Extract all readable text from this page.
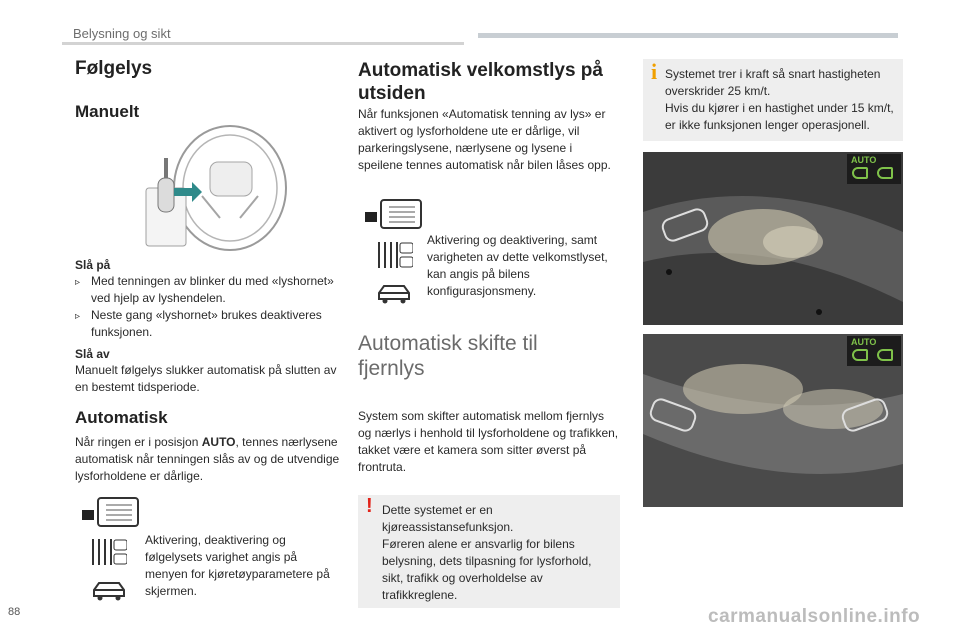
Belysning og sikt
Følgelys
Manuelt
Slå på
▹ Med tenningen av blinker du med «lyshornet» ved hjelp av lyshendelen.
▹ Neste gang «lyshornet» brukes deaktiveres funksjonen.
Slå av
Manuelt følgelys slukker automatisk på slutten av en bestemt tidsperiode.
Automatisk
Når ringen er i posisjon AUTO, tennes nærlysene automatisk når tenningen slås av og de utvendige lysforholdene er dårlige.
Aktivering, deaktivering og følgelysets varighet angis på menyen for kjøretøyparametere på skjermen.
Automatisk velkomstlys på
utsiden
Når funksjonen «Automatisk tenning av lys» er aktivert og lysforholdene ute er dårlige, vil parkeringslysene, nærlysene og lysene i speilene tennes automatisk når bilen låses opp.
Aktivering og deaktivering, samt varigheten av dette velkomstlyset, kan angis på bilens konfigurasjonsmeny.
Automatisk skifte til
fjernlys
System som skifter automatisk mellom fjernlys og nærlys i henhold til lysforholdene og trafikken, takket være et kamera som sitter øverst på frontruta.
! Dette systemet er en
kjøreassistansefunksjon.
Føreren alene er ansvarlig for bilens
belysning, dets tilpasning for lysforhold,
sikt, trafikk og overholdelse av
trafikkreglene.
i Systemet trer i kraft så snart hastigheten
overskrider 25 km/t.
Hvis du kjører i en hastighet under 15 km/t,
er ikke funksjonen lenger operasjonell.
AUTO
AUTO
88	carmanualsonline.info
